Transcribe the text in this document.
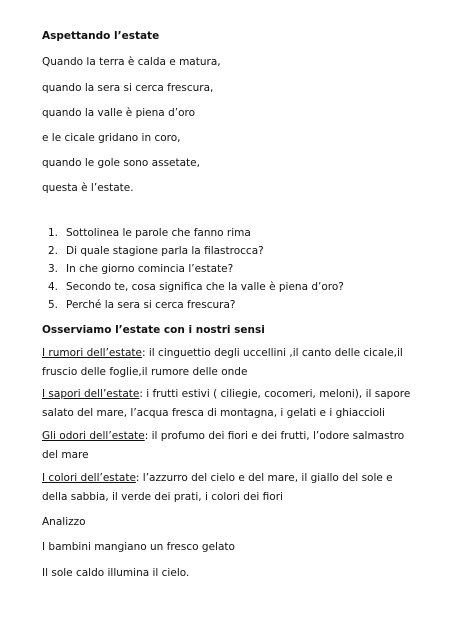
Aspettando l’estate

Quando la terra è calda e matura,

quando la sera si cerca frescura,

quando la valle è piena d’oro

e le cicale gridano in coro,

quando le gole sono assetate,

questa è l’estate.

1. Sottolinea le parole che fanno rima
2. Di quale stagione parla la filastrocca?
3. In che giorno comincia l’estate?
4. Secondo te, cosa significa che la valle è piena d’oro?
5. Perché la sera si cerca frescura?

Osserviamo l’estate con i nostri sensi

I rumori dell’estate: il cinguettio degli uccellini ,il canto delle cicale,il fruscio delle foglie,il rumore delle onde

I sapori dell’estate: i frutti estivi ( ciliegie, cocomeri, meloni), il sapore salato del mare, l’acqua fresca di montagna, i gelati e i ghiaccioli

Gli odori dell’estate: il profumo dei fiori e dei frutti, l’odore salmastro del mare

I colori dell’estate: l’azzurro del cielo e del mare, il giallo del sole e della sabbia, il verde dei prati, i colori dei fiori

Analizzo

I bambini mangiano un fresco gelato

Il sole caldo illumina il cielo.
